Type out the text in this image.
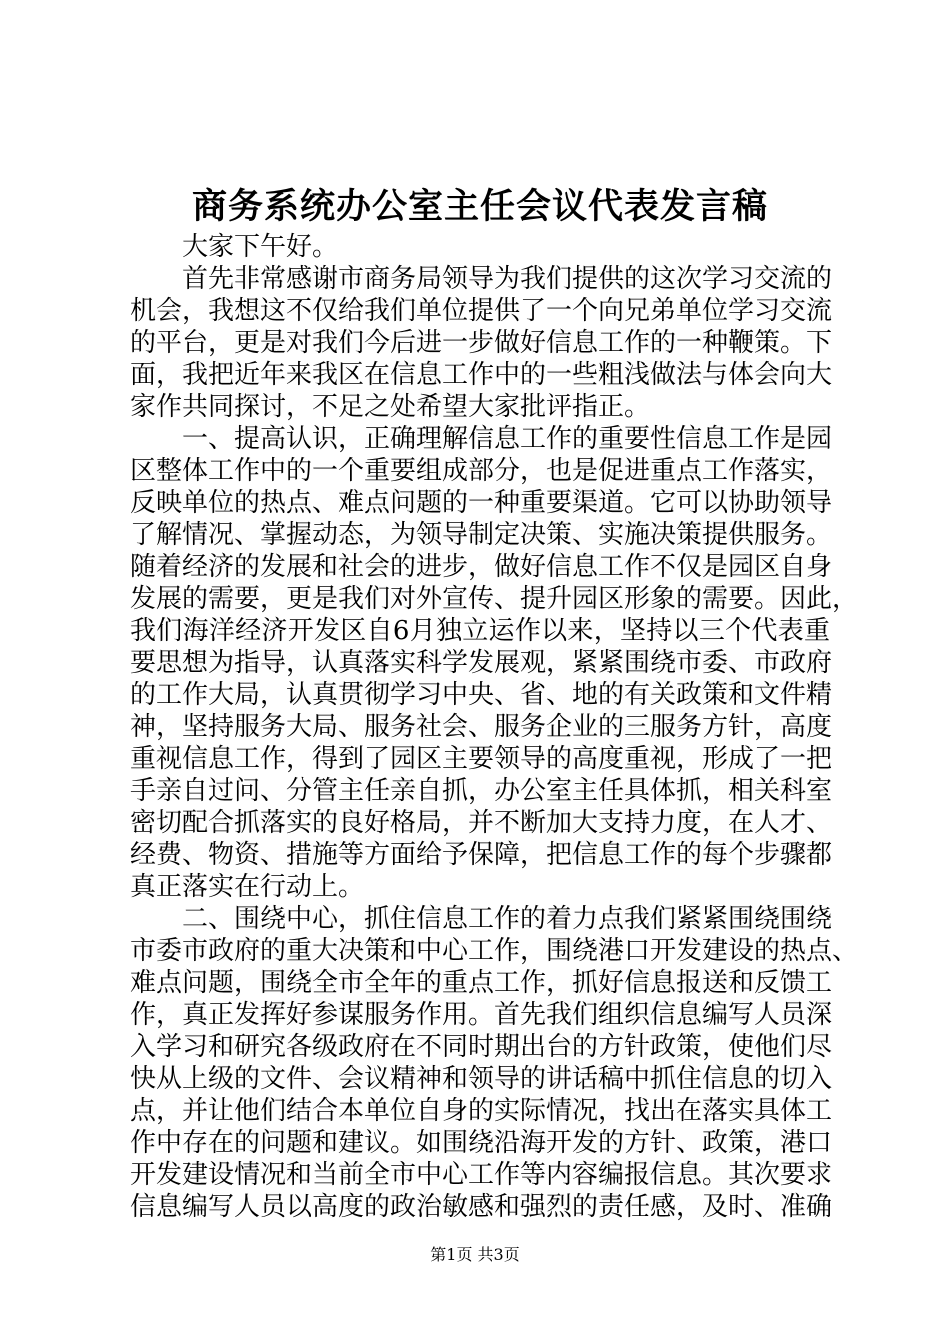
商务系统办公室主任会议代表发言稿
大家下午好。
首先非常感谢市商务局领导为我们提供的这次学习交流的
机会，我想这不仅给我们单位提供了一个向兄弟单位学习交流
的平台，更是对我们今后进一步做好信息工作的一种鞭策。下
面，我把近年来我区在信息工作中的一些粗浅做法与体会向大
家作共同探讨，不足之处希望大家批评指正。
一、提高认识，正确理解信息工作的重要性信息工作是园
区整体工作中的一个重要组成部分，也是促进重点工作落实，
反映单位的热点、难点问题的一种重要渠道。它可以协助领导
了解情况、掌握动态，为领导制定决策、实施决策提供服务。
随着经济的发展和社会的进步，做好信息工作不仅是园区自身
发展的需要，更是我们对外宣传、提升园区形象的需要。因此，
我们海洋经济开发区自6月独立运作以来，坚持以三个代表重
要思想为指导，认真落实科学发展观，紧紧围绕市委、市政府
的工作大局，认真贯彻学习中央、省、地的有关政策和文件精
神，坚持服务大局、服务社会、服务企业的三服务方针，高度
重视信息工作，得到了园区主要领导的高度重视，形成了一把
手亲自过问、分管主任亲自抓，办公室主任具体抓，相关科室
密切配合抓落实的良好格局，并不断加大支持力度，在人才、
经费、物资、措施等方面给予保障，把信息工作的每个步骤都
真正落实在行动上。
二、围绕中心，抓住信息工作的着力点我们紧紧围绕围绕
市委市政府的重大决策和中心工作，围绕港口开发建设的热点、
难点问题，围绕全市全年的重点工作，抓好信息报送和反馈工
作，真正发挥好参谋服务作用。首先我们组织信息编写人员深
入学习和研究各级政府在不同时期出台的方针政策，使他们尽
快从上级的文件、会议精神和领导的讲话稿中抓住信息的切入
点，并让他们结合本单位自身的实际情况，找出在落实具体工
作中存在的问题和建议。如围绕沿海开发的方针、政策，港口
开发建设情况和当前全市中心工作等内容编报信息。其次要求
信息编写人员以高度的政治敏感和强烈的责任感，及时、准确
第1页 共3页
